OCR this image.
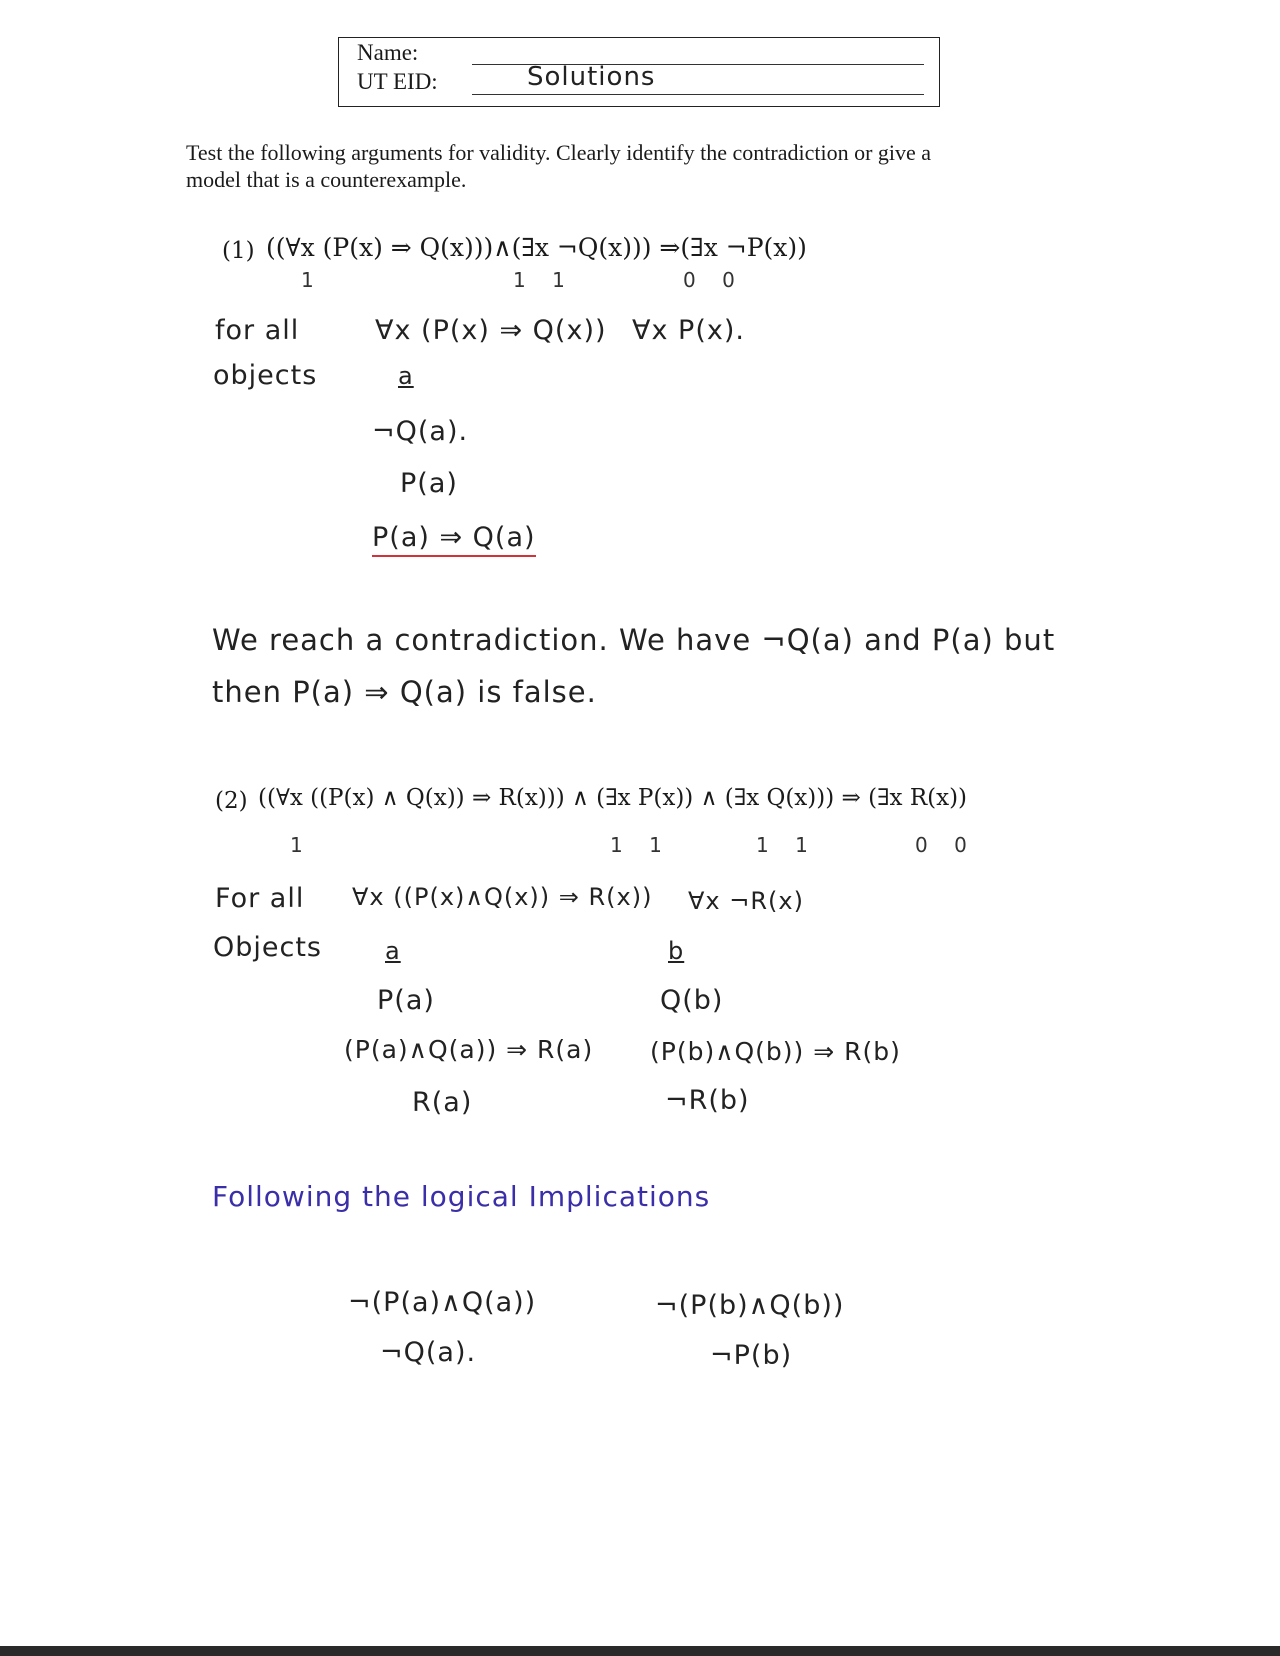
Name:
UT EID:	Solutions
Test the following arguments for validity. Clearly identify the contradiction or give a
model that is a counterexample.
(1) ((∀x (P(x) ⇒ Q(x)))∧(∃x ¬Q(x))) ⇒(∃x ¬P(x))
1	1 1	0 0
for all
objects
∀x (P(x) ⇒ Q(x)) ∀x P(x).
a
¬Q(a).
P(a)
P(a) ⇒ Q(a)
We reach a contradiction. We have ¬Q(a) and P(a) but
then P(a) ⇒ Q(a) is false.
(2) ((∀x ((P(x) ∧ Q(x)) ⇒ R(x))) ∧ (∃x P(x)) ∧ (∃x Q(x))) ⇒ (∃x R(x))
1	1 1	1 1	0 0
For all
Objects
∀x ((P(x)∧Q(x)) ⇒ R(x)) ∀x ¬R(x)
a	b
P(a)
(P(a)∧Q(a)) ⇒ R(a)
R(a)
Q(b)
(P(b)∧Q(b)) ⇒ R(b)
¬R(b)
Following the logical Implications
¬(P(a)∧Q(a))
¬Q(a).
¬(P(b)∧Q(b))
¬P(b)
